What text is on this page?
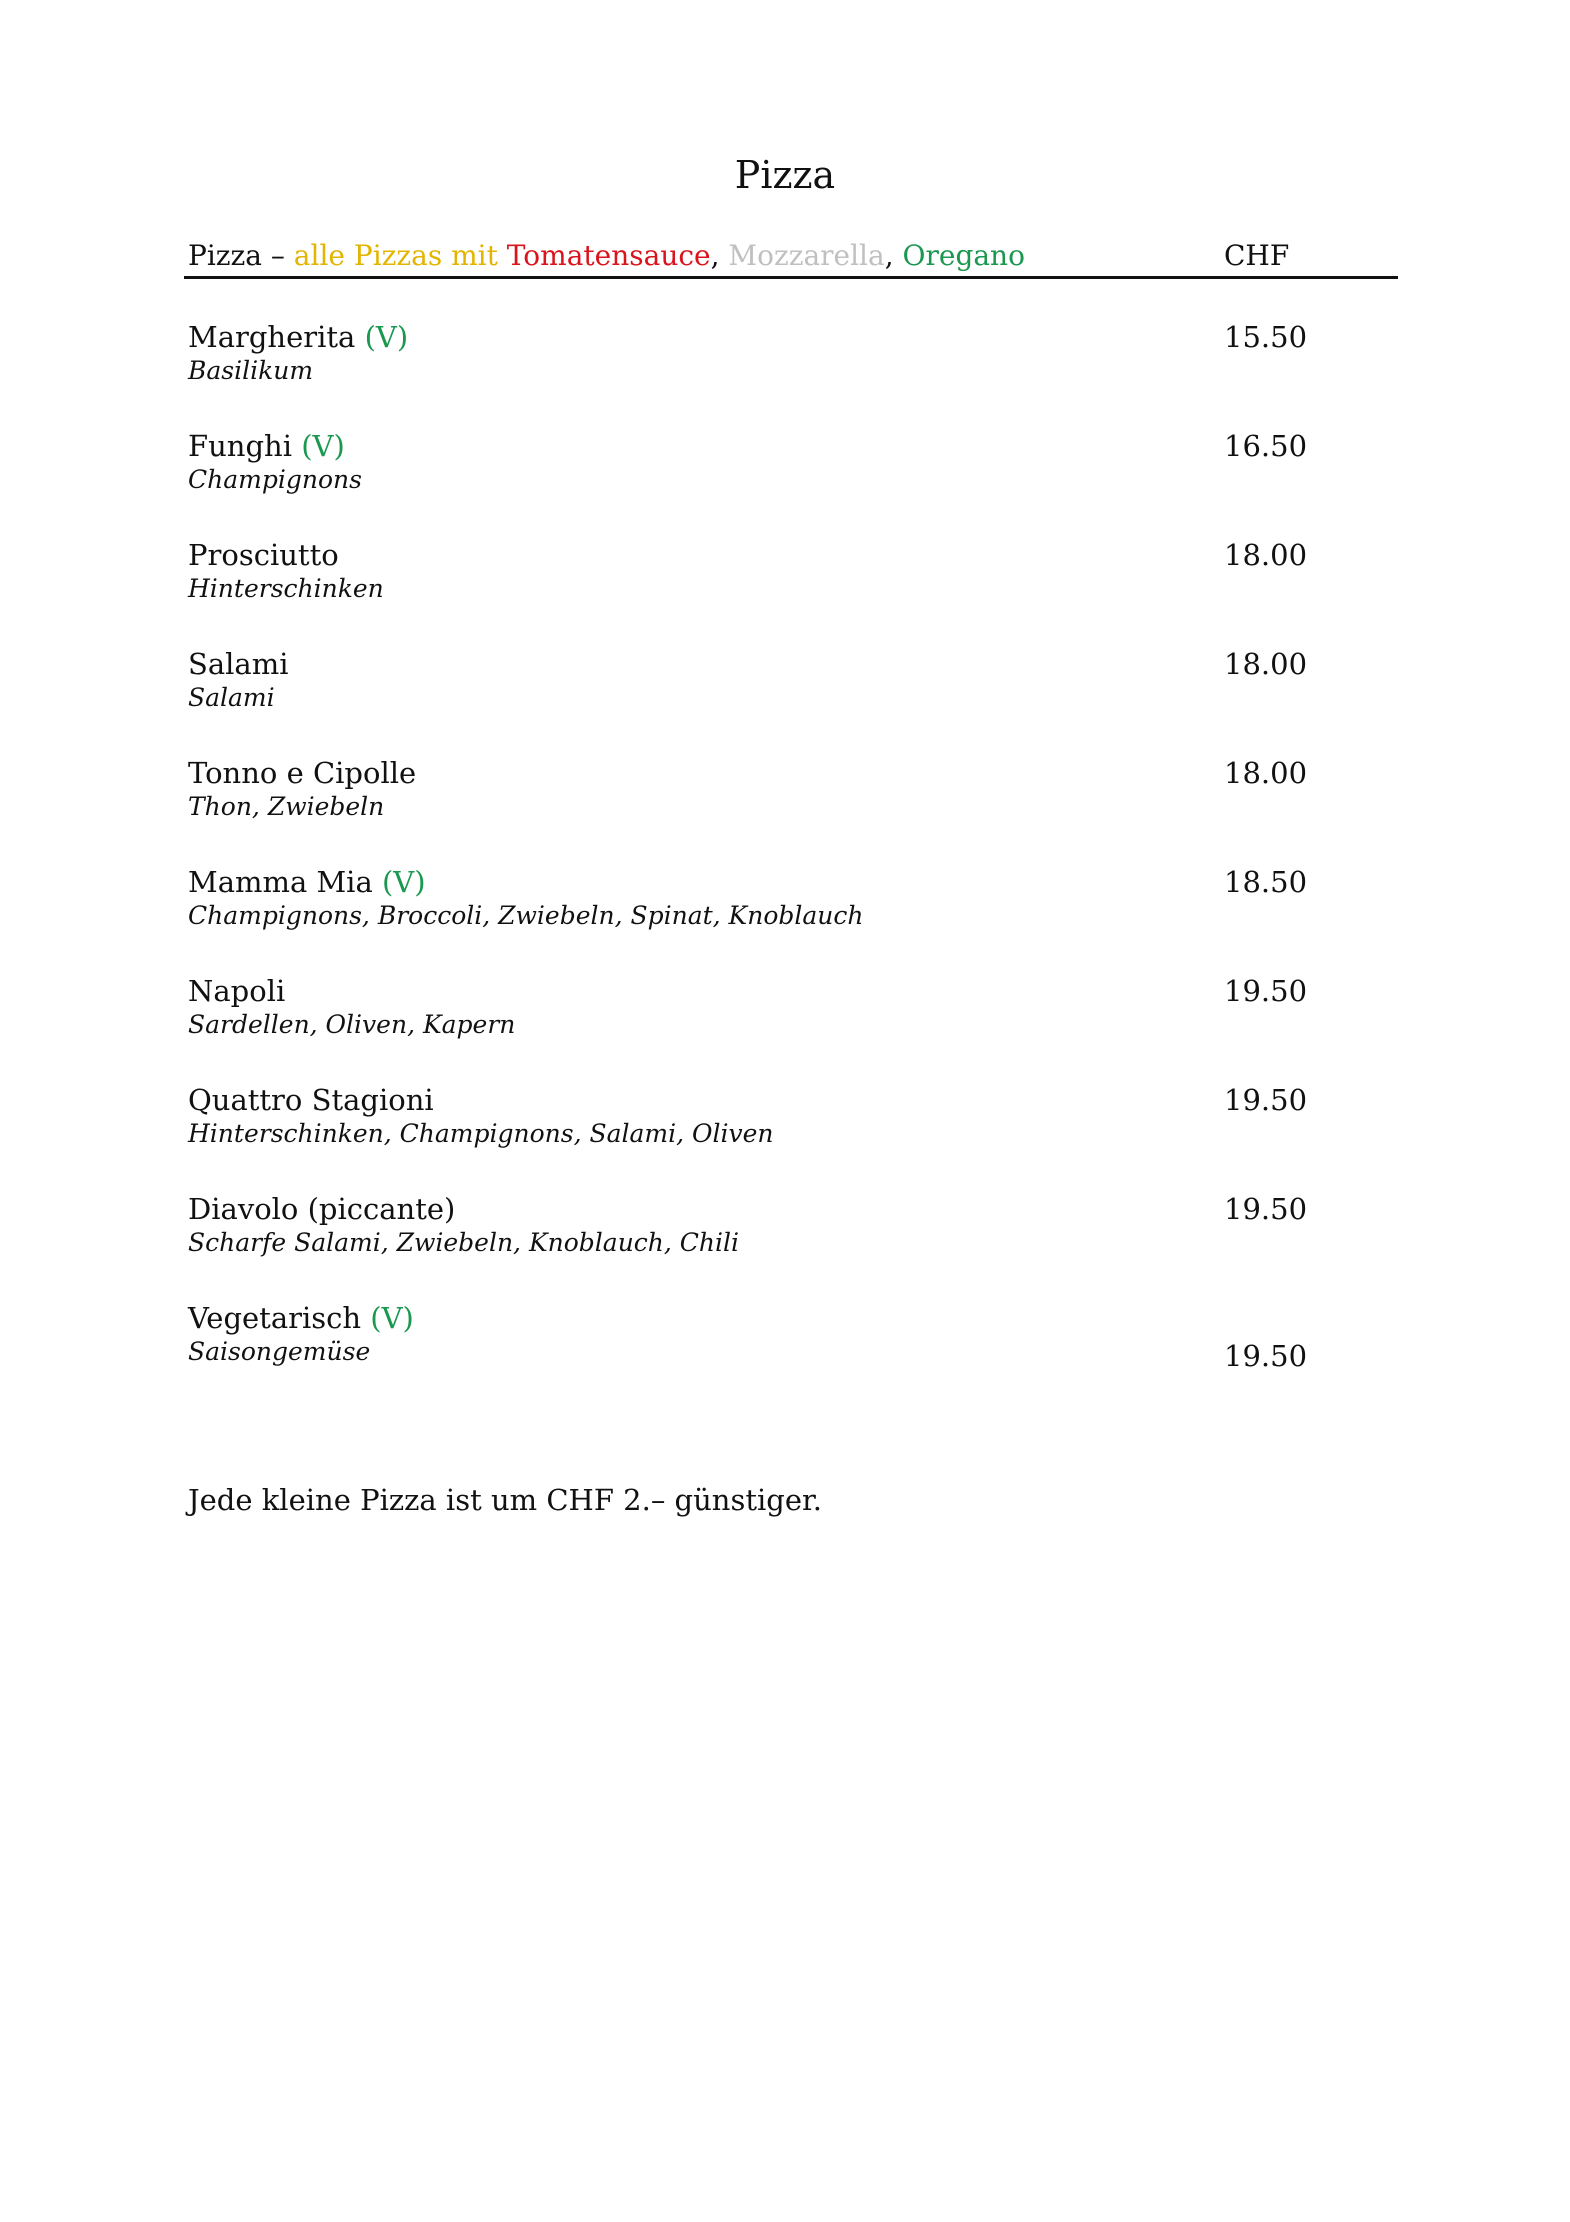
Pizza
Pizza – alle Pizzas mit Tomatensauce, Mozzarella, Oregano	CHF
Margherita (V)
Basilikum
15.50
Funghi (V)
Champignons
16.50
Prosciutto
Hinterschinken
18.00
Salami
Salami
18.00
Tonno e Cipolle
Thon, Zwiebeln
18.00
Mamma Mia (V)
Champignons, Broccoli, Zwiebeln, Spinat, Knoblauch
18.50
Napoli
Sardellen, Oliven, Kapern
19.50
Quattro Stagioni
Hinterschinken, Champignons, Salami, Oliven
19.50
Diavolo (piccante)
Scharfe Salami, Zwiebeln, Knoblauch, Chili
19.50
Vegetarisch (V)
Saisongemüse	19.50
Jede kleine Pizza ist um CHF 2.– günstiger.
